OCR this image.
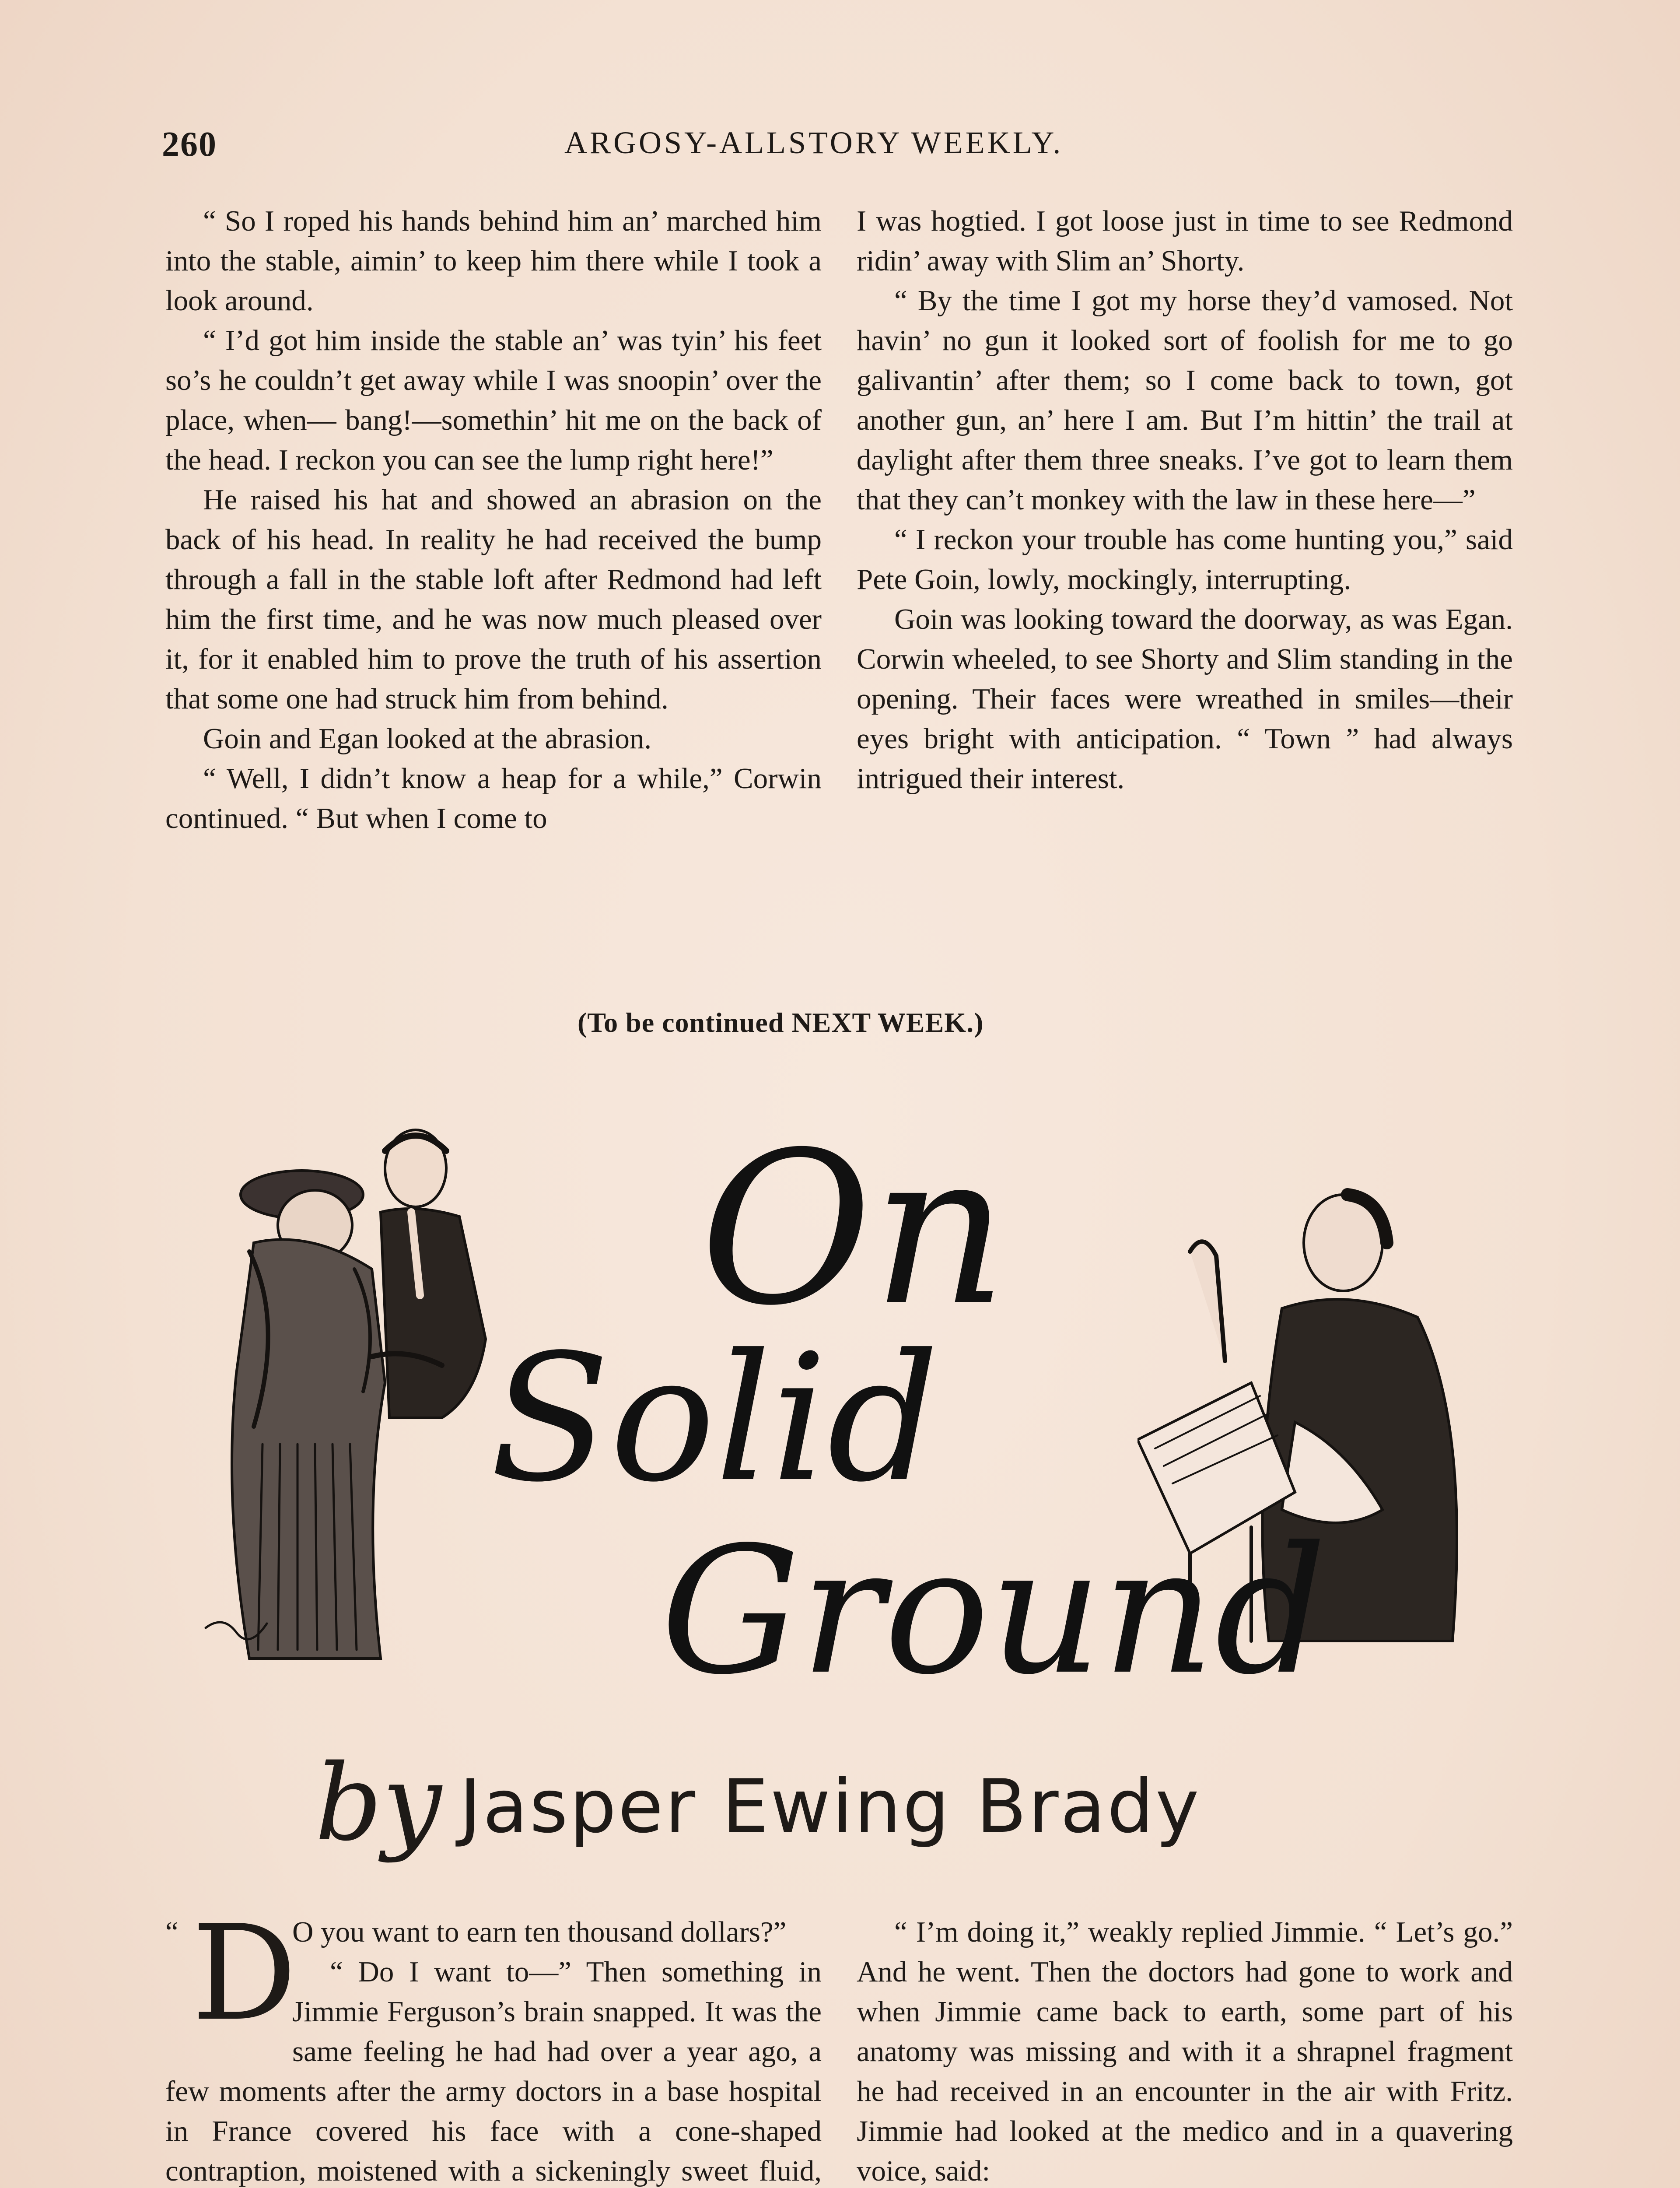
260	ARGOSY-ALLSTORY WEEKLY.

“ So I roped his hands behind him an’ marched him into the stable, aimin’ to keep him there while I took a look around.

“ I’d got him inside the stable an’ was tyin’ his feet so’s he couldn’t get away while I was snoopin’ over the place, when— bang!—somethin’ hit me on the back of the head. I reckon you can see the lump right here!”

He raised his hat and showed an abrasion on the back of his head. In reality he had received the bump through a fall in the stable loft after Redmond had left him the first time, and he was now much pleased over it, for it enabled him to prove the truth of his assertion that some one had struck him from behind.

Goin and Egan looked at the abrasion.

“ Well, I didn’t know a heap for a while,” Corwin continued. “ But when I come to

I was hogtied. I got loose just in time to see Redmond ridin’ away with Slim an’ Shorty.

“ By the time I got my horse they’d vamosed. Not havin’ no gun it looked sort of foolish for me to go galivantin’ after them; so I come back to town, got another gun, an’ here I am. But I’m hittin’ the trail at daylight after them three sneaks. I’ve got to learn them that they can’t monkey with the law in these here—”

“ I reckon your trouble has come hunting you,” said Pete Goin, lowly, mockingly, interrupting.

Goin was looking toward the doorway, as was Egan. Corwin wheeled, to see Shorty and Slim standing in the opening. Their faces were wreathed in smiles—their eyes bright with anticipation. “ Town ” had always intrigued their interest.

(To be continued NEXT WEEK.)
On
Solid
Ground
by Jasper Ewing Brady
“ D

O you want to earn ten thousand dollars?”

“ Do I want to—” Then something in Jimmie Ferguson’s brain snapped. It was the same feeling he had had over a year ago, a few moments after the army doctors in a base hospital in France covered his face with a cone-shaped contraption, moistened with a sickeningly sweet fluid,

“ I’m doing it,” weakly replied Jimmie. “ Let’s go.” And he went. Then the doctors had gone to work and when Jimmie came back to earth, some part of his anatomy was missing and with it a shrapnel fragment he had received in an encounter in the air with Fritz. Jimmie had looked at the medico and in a quavering voice, said:
